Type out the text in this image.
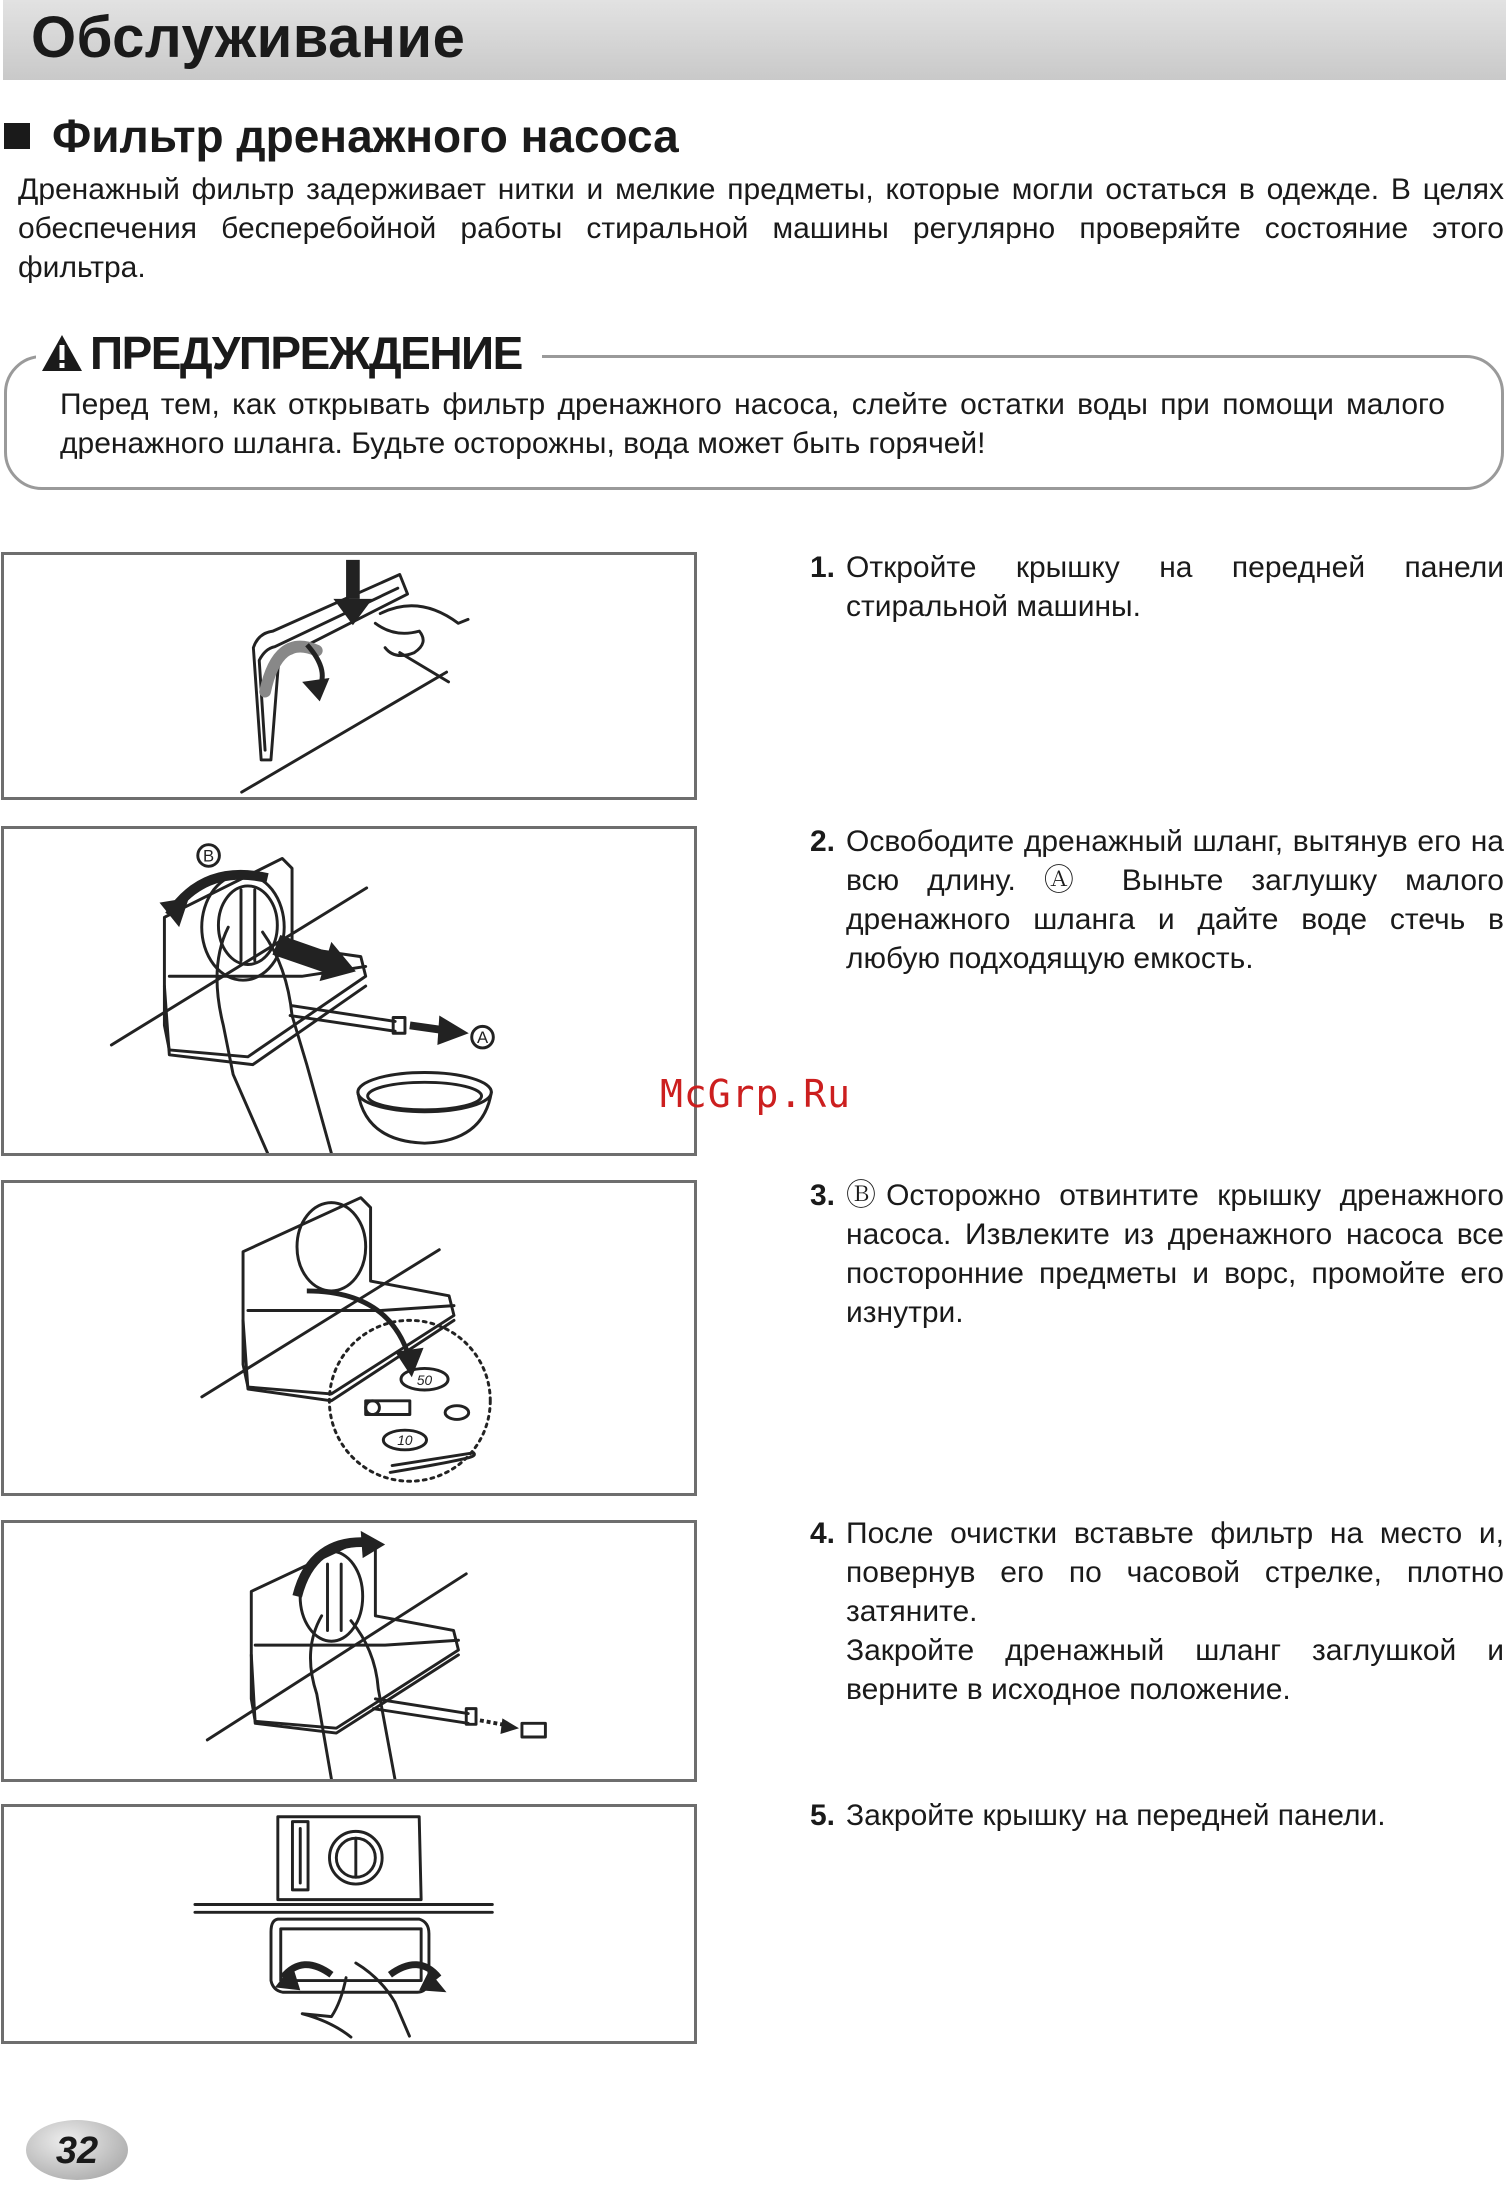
Обслуживание
Фильтр дренажного насоса
Дренажный фильтр задерживает нитки и мелкие предметы, которые могли остаться в одежде. В целях обеспечения бесперебойной работы стиральной машины регулярно проверяйте состояние этого фильтра.
ПРЕДУПРЕЖДЕНИЕ
Перед тем, как открывать фильтр дренажного насоса, слейте остатки воды при помощи малого дренажного шланга. Будьте осторожны, вода может быть горячей!
B
A
50
10
1. Откройте крышку на передней панели стиральной машины.

2. Освободите дренажный шланг, вытянув его на всю длину. Ⓐ Выньте заглушку малого дренажного шланга и дайте воде стечь в любую подходящую емкость.

3. ⒷОсторожно отвинтите крышку дренажного насоса. Извлеките из дренажного насоса все посторонние предметы и ворс, промойте его изнутри.

4. После очистки вставьте фильтр на место и, повернув его по часовой стрелке, плотно затяните.

Закройте дренажный шланг заглушкой и верните в исходное положение.

5. Закройте крышку на передней панели.

McGrp.Ru
32
